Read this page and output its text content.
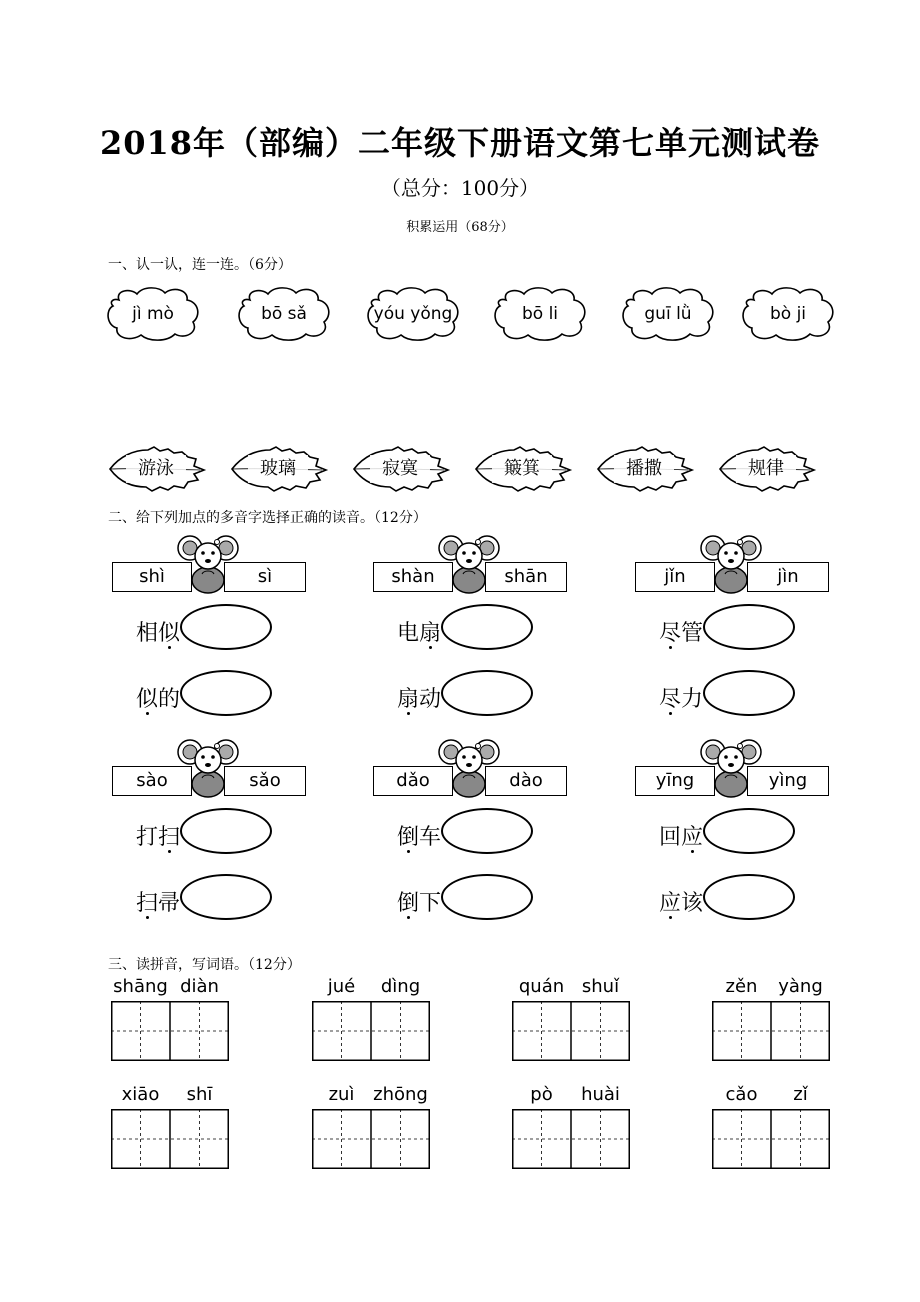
2018年（部编）二年级下册语文第七单元测试卷
（总分：100分）
积累运用（68分）
一、认一认，连一连。（6分）
jì mò	bō sǎ	yóu yǒng	bō li	guī lǜ	bò ji
游泳	玻璃	寂寞	簸箕	播撒	规律
二、给下列加点的多音字选择正确的读音。（12分）
shì	sì
相似
似的
shàn	shān
电扇
扇动
jǐn	jìn
尽管
尽力
sào	sǎo
打扫
扫帚
dǎo	dào
倒车
倒下
yīng	yìng
回应
应该
三、读拼音，写词语。（12分）
shāng diàn	jué	dìng	quán shuǐ	zěn	yàng
xiāo	shī	zuì	zhōng	pò	huài	cǎo	zǐ
